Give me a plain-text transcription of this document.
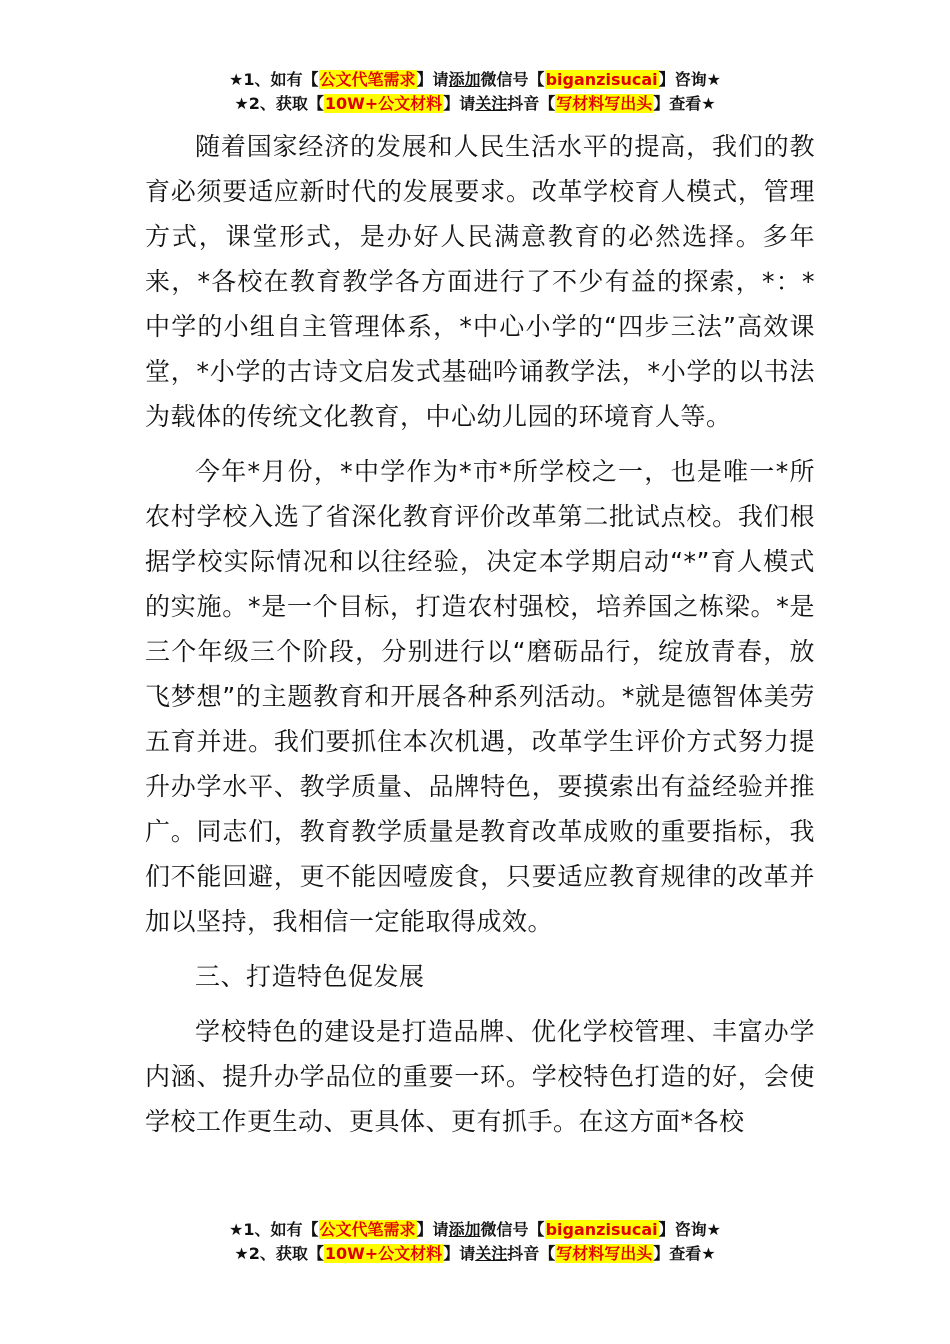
★1、如有【公文代笔需求】请添加微信号【biganzisucai】咨询★
★2、获取【10W+公文材料】请关注抖音【写材料写出头】查看★

随着国家经济的发展和人民生活水平的提高，我们的教育必须要适应新时代的发展要求。改革学校育人模式，管理方式，课堂形式，是办好人民满意教育的必然选择。多年来，*各校在教育教学各方面进行了不少有益的探索，*：*中学的小组自主管理体系，*中心小学的“四步三法”高效课堂，*小学的古诗文启发式基础吟诵教学法，*小学的以书法为载体的传统文化教育，中心幼儿园的环境育人等。

今年*月份，*中学作为*市*所学校之一，也是唯一*所农村学校入选了省深化教育评价改革第二批试点校。我们根据学校实际情况和以往经验，决定本学期启动“*”育人模式的实施。*是一个目标，打造农村强校，培养国之栋梁。*是三个年级三个阶段，分别进行以“磨砺品行，绽放青春，放飞梦想”的主题教育和开展各种系列活动。*就是德智体美劳五育并进。我们要抓住本次机遇，改革学生评价方式努力提升办学水平、教学质量、品牌特色，要摸索出有益经验并推广。同志们，教育教学质量是教育改革成败的重要指标，我们不能回避，更不能因噎废食，只要适应教育规律的改革并加以坚持，我相信一定能取得成效。

三、打造特色促发展

学校特色的建设是打造品牌、优化学校管理、丰富办学内涵、提升办学品位的重要一环。学校特色打造的好，会使学校工作更生动、更具体、更有抓手。在这方面*各校

★1、如有【公文代笔需求】请添加微信号【biganzisucai】咨询★
★2、获取【10W+公文材料】请关注抖音【写材料写出头】查看★
